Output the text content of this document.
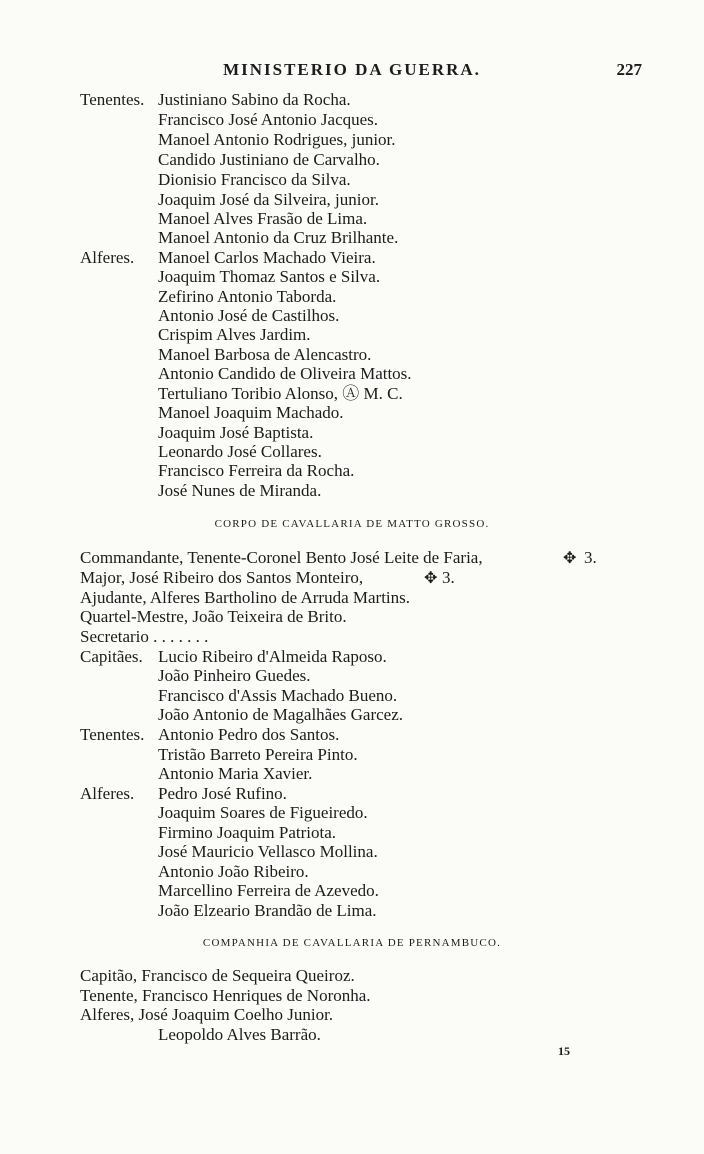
MINISTERIO DA GUERRA.	227
Tenentes. Justiniano Sabino da Rocha.
Francisco José Antonio Jacques.
Manoel Antonio Rodrigues, junior.
Candido Justiniano de Carvalho.
Dionisio Francisco da Silva.
Joaquim José da Silveira, junior.
Manoel Alves Frasão de Lima.
Manoel Antonio da Cruz Brilhante.
Alferes. Manoel Carlos Machado Vieira.
Joaquim Thomaz Santos e Silva.
Zefirino Antonio Taborda.
Antonio José de Castilhos.
Crispim Alves Jardim.
Manoel Barbosa de Alencastro.
Antonio Candido de Oliveira Mattos.
Tertuliano Toribio Alonso, Ⓐ M. C.
Manoel Joaquim Machado.
Joaquim José Baptista.
Leonardo José Collares.
Francisco Ferreira da Rocha.
José Nunes de Miranda.
CORPO DE CAVALLARIA DE MATTO GROSSO.
Commandante, Tenente-Coronel Bento José Leite de Faria,	✥ 3.
Major, José Ribeiro dos Santos Monteiro,	✥ 3.
Ajudante, Alferes Bartholino de Arruda Martins.
Quartel-Mestre, João Teixeira de Brito.
Secretario . . . . . . .
Capitães. Lucio Ribeiro d'Almeida Raposo.
João Pinheiro Guedes.
Francisco d'Assis Machado Bueno.
João Antonio de Magalhães Garcez.
Tenentes. Antonio Pedro dos Santos.
Tristão Barreto Pereira Pinto.
Antonio Maria Xavier.
Alferes. Pedro José Rufino.
Joaquim Soares de Figueiredo.
Firmino Joaquim Patriota.
José Mauricio Vellasco Mollina.
Antonio João Ribeiro.
Marcellino Ferreira de Azevedo.
João Elzeario Brandão de Lima.
COMPANHIA DE CAVALLARIA DE PERNAMBUCO.
Capitão, Francisco de Sequeira Queiroz.
Tenente, Francisco Henriques de Noronha.
Alferes, José Joaquim Coelho Junior.
Leopoldo Alves Barrão.
15
